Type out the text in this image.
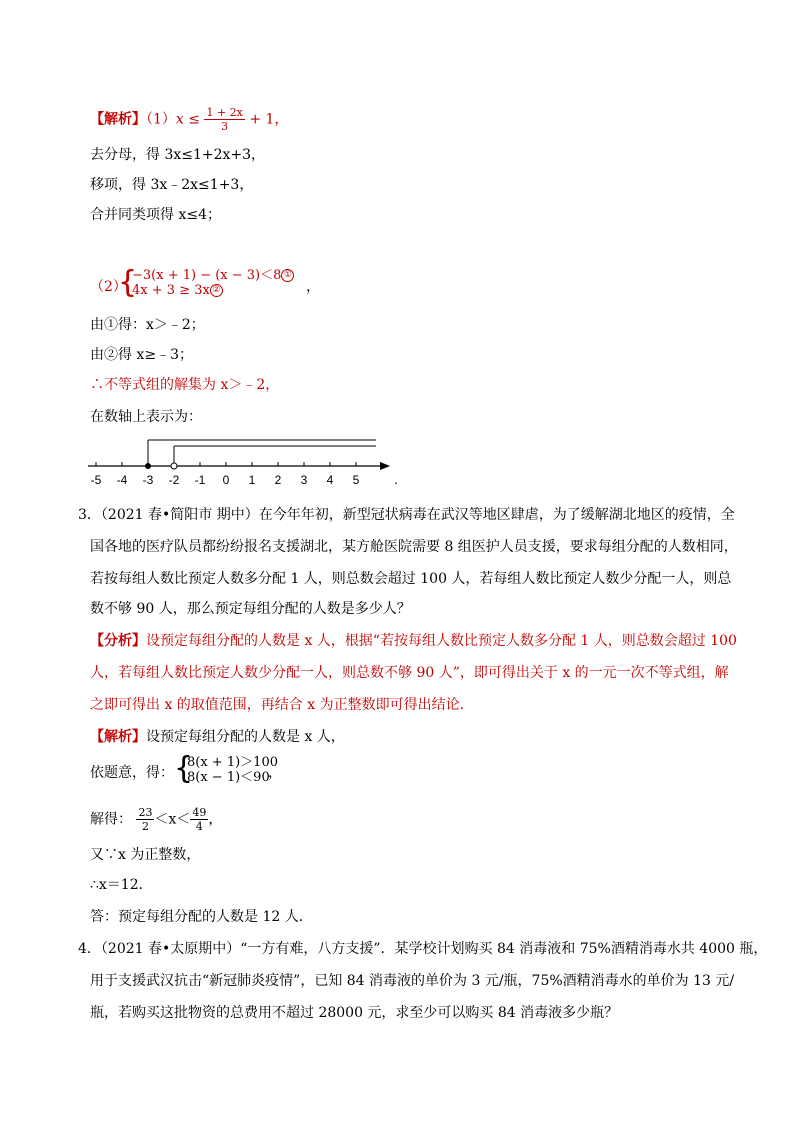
【解析】$(1)x \le \frac{1 + 2x}{3} + 1$，
去分母，得 3x≤1+2x+3，
移项，得 3x﹣2x≤1+3，
合并同类项得 x≤4；
（2）
{
−3(x + 1) − (x − 3)＜8 ①
4x + 3 ≥ 3x ②	，
由①得：x＞﹣2；
由②得 x≥﹣3；
∴不等式组的解集为 x＞﹣2，
在数轴上表示为：
-5 -4 -3 -2 -1 0 1 2 3 4 5 .
3．（2021 春•简阳市 期中）在今年年初，新型冠状病毒在武汉等地区肆虐，为了缓解湖北地区的疫情，全
国各地的医疗队员都纷纷报名支援湖北，某方舱医院需要 8 组医护人员支援，要求每组分配的人数相同，
若按每组人数比预定人数多分配 1 人，则总数会超过 100 人，若每组人数比预定人数少分配一人，则总
数不够 90 人，那么预定每组分配的人数是多少人？
【分析】设预定每组分配的人数是 x 人，根据“若按每组人数比预定人数多分配 1 人，则总数会超过 100
人，若每组人数比预定人数少分配一人，则总数不够 90 人”，即可得出关于 x 的一元一次不等式组，解
之即可得出 x 的取值范围，再结合 x 为正整数即可得出结论．
【解析】设预定每组分配的人数是 x 人，
依题意，得： {
8(x + 1)＞100
8(x − 1)＜90
，
解得： $\frac{23}{2} <x< \frac{49}{4}$ ，
又∵x 为正整数，
∴x＝12．
答：预定每组分配的人数是 12 人．
4．（2021 春•太原期中）“一方有难，八方支援”．某学校计划购买 84 消毒液和 75%酒精消毒水共 4000 瓶，
用于支援武汉抗击“新冠肺炎疫情”，已知 84 消毒液的单价为 3 元/瓶，75%酒精消毒水的单价为 13 元/
瓶，若购买这批物资的总费用不超过 28000 元，求至少可以购买 84 消毒液多少瓶？
